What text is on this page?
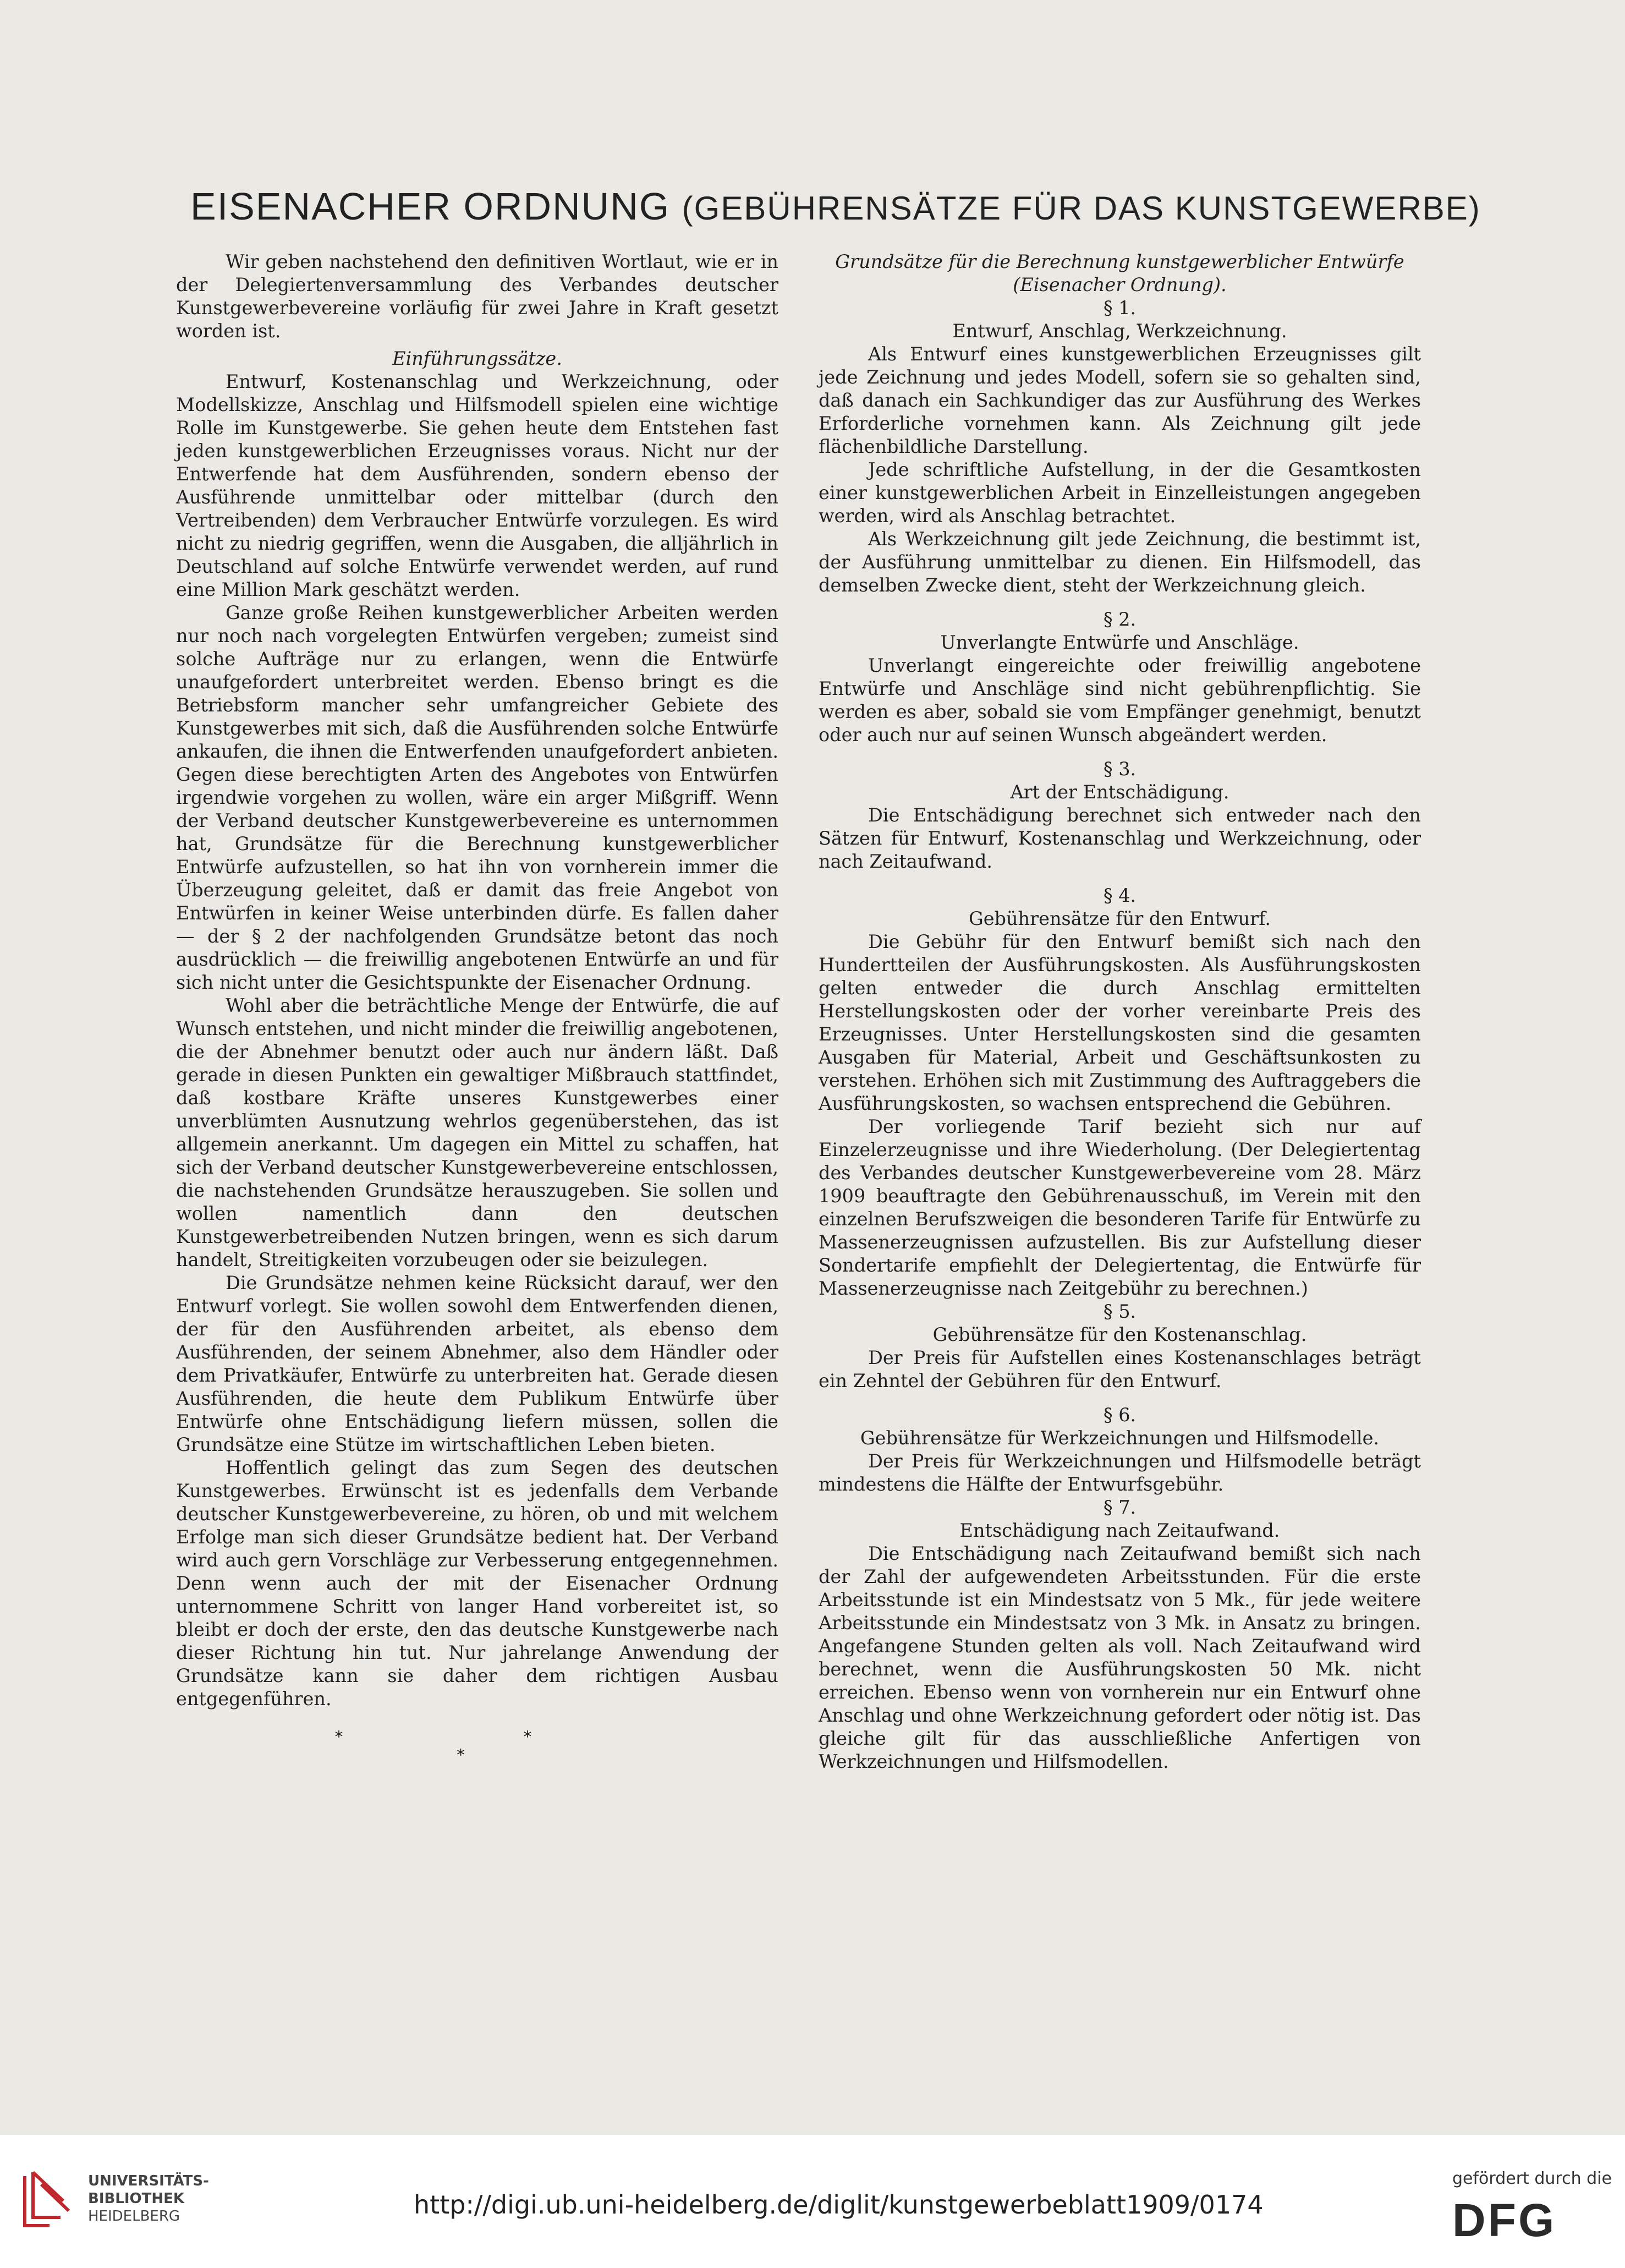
EISENACHER ORDNUNG (GEBÜHRENSÄTZE FÜR DAS KUNSTGEWERBE)

Wir geben nachstehend den definitiven Wortlaut, wie er in der Delegiertenversammlung des Verbandes deutscher Kunstgewerbevereine vorläufig für zwei Jahre in Kraft gesetzt worden ist.

Einführungssätze.

Entwurf, Kostenanschlag und Werkzeichnung, oder Modellskizze, Anschlag und Hilfsmodell spielen eine wichtige Rolle im Kunstgewerbe. Sie gehen heute dem Entstehen fast jeden kunstgewerblichen Erzeugnisses voraus. Nicht nur der Entwerfende hat dem Ausführenden, sondern ebenso der Ausführende unmittelbar oder mittelbar (durch den Vertreibenden) dem Verbraucher Entwürfe vorzulegen. Es wird nicht zu niedrig gegriffen, wenn die Ausgaben, die alljährlich in Deutschland auf solche Entwürfe verwendet werden, auf rund eine Million Mark geschätzt werden.

Ganze große Reihen kunstgewerblicher Arbeiten werden nur noch nach vorgelegten Entwürfen vergeben; zumeist sind solche Aufträge nur zu erlangen, wenn die Entwürfe unaufgefordert unterbreitet werden. Ebenso bringt es die Betriebsform mancher sehr umfangreicher Gebiete des Kunstgewerbes mit sich, daß die Ausführenden solche Entwürfe ankaufen, die ihnen die Entwerfenden unaufgefordert anbieten. Gegen diese berechtigten Arten des Angebotes von Entwürfen irgendwie vorgehen zu wollen, wäre ein arger Mißgriff. Wenn der Verband deutscher Kunstgewerbevereine es unternommen hat, Grundsätze für die Berechnung kunstgewerblicher Entwürfe aufzustellen, so hat ihn von vornherein immer die Überzeugung geleitet, daß er damit das freie Angebot von Entwürfen in keiner Weise unterbinden dürfe. Es fallen daher — der § 2 der nachfolgenden Grundsätze betont das noch ausdrücklich — die freiwillig angebotenen Entwürfe an und für sich nicht unter die Gesichtspunkte der Eisenacher Ordnung.

Wohl aber die beträchtliche Menge der Entwürfe, die auf Wunsch entstehen, und nicht minder die freiwillig angebotenen, die der Abnehmer benutzt oder auch nur ändern läßt. Daß gerade in diesen Punkten ein gewaltiger Mißbrauch stattfindet, daß kostbare Kräfte unseres Kunstgewerbes einer unverblümten Ausnutzung wehrlos gegenüberstehen, das ist allgemein anerkannt. Um dagegen ein Mittel zu schaffen, hat sich der Verband deutscher Kunstgewerbevereine entschlossen, die nachstehenden Grundsätze herauszugeben. Sie sollen und wollen namentlich dann den deutschen Kunstgewerbetreibenden Nutzen bringen, wenn es sich darum handelt, Streitigkeiten vorzubeugen oder sie beizulegen.

Die Grundsätze nehmen keine Rücksicht darauf, wer den Entwurf vorlegt. Sie wollen sowohl dem Entwerfenden dienen, der für den Ausführenden arbeitet, als ebenso dem Ausführenden, der seinem Abnehmer, also dem Händler oder dem Privatkäufer, Entwürfe zu unterbreiten hat. Gerade diesen Ausführenden, die heute dem Publikum Entwürfe über Entwürfe ohne Entschädigung liefern müssen, sollen die Grundsätze eine Stütze im wirtschaftlichen Leben bieten.

Hoffentlich gelingt das zum Segen des deutschen Kunstgewerbes. Erwünscht ist es jedenfalls dem Verbande deutscher Kunstgewerbevereine, zu hören, ob und mit welchem Erfolge man sich dieser Grundsätze bedient hat. Der Verband wird auch gern Vorschläge zur Verbesserung entgegennehmen. Denn wenn auch der mit der Eisenacher Ordnung unternommene Schritt von langer Hand vorbereitet ist, so bleibt er doch der erste, den das deutsche Kunstgewerbe nach dieser Richtung hin tut. Nur jahrelange Anwendung der Grundsätze kann sie daher dem richtigen Ausbau entgegenführen.

* *
*

Grundsätze für die Berechnung kunstgewerblicher Entwürfe

(Eisenacher Ordnung).

§ 1.

Entwurf, Anschlag, Werkzeichnung.

Als Entwurf eines kunstgewerblichen Erzeugnisses gilt jede Zeichnung und jedes Modell, sofern sie so gehalten sind, daß danach ein Sachkundiger das zur Ausführung des Werkes Erforderliche vornehmen kann. Als Zeichnung gilt jede flächenbildliche Darstellung.

Jede schriftliche Aufstellung, in der die Gesamtkosten einer kunstgewerblichen Arbeit in Einzelleistungen angegeben werden, wird als Anschlag betrachtet.

Als Werkzeichnung gilt jede Zeichnung, die bestimmt ist, der Ausführung unmittelbar zu dienen. Ein Hilfsmodell, das demselben Zwecke dient, steht der Werkzeichnung gleich.

§ 2.

Unverlangte Entwürfe und Anschläge.

Unverlangt eingereichte oder freiwillig angebotene Entwürfe und Anschläge sind nicht gebührenpflichtig. Sie werden es aber, sobald sie vom Empfänger genehmigt, benutzt oder auch nur auf seinen Wunsch abgeändert werden.

§ 3.

Art der Entschädigung.

Die Entschädigung berechnet sich entweder nach den Sätzen für Entwurf, Kostenanschlag und Werkzeichnung, oder nach Zeitaufwand.

§ 4.

Gebührensätze für den Entwurf.

Die Gebühr für den Entwurf bemißt sich nach den Hundertteilen der Ausführungskosten. Als Ausführungskosten gelten entweder die durch Anschlag ermittelten Herstellungskosten oder der vorher vereinbarte Preis des Erzeugnisses. Unter Herstellungskosten sind die gesamten Ausgaben für Material, Arbeit und Geschäftsunkosten zu verstehen. Erhöhen sich mit Zustimmung des Auftraggebers die Ausführungskosten, so wachsen entsprechend die Gebühren.

Der vorliegende Tarif bezieht sich nur auf Einzelerzeugnisse und ihre Wiederholung. (Der Delegiertentag des Verbandes deutscher Kunstgewerbevereine vom 28. März 1909 beauftragte den Gebührenausschuß, im Verein mit den einzelnen Berufszweigen die besonderen Tarife für Entwürfe zu Massenerzeugnissen aufzustellen. Bis zur Aufstellung dieser Sondertarife empfiehlt der Delegiertentag, die Entwürfe für Massenerzeugnisse nach Zeitgebühr zu berechnen.)

§ 5.

Gebührensätze für den Kostenanschlag.

Der Preis für Aufstellen eines Kostenanschlages beträgt ein Zehntel der Gebühren für den Entwurf.

§ 6.

Gebührensätze für Werkzeichnungen und Hilfsmodelle.

Der Preis für Werkzeichnungen und Hilfsmodelle beträgt mindestens die Hälfte der Entwurfsgebühr.

§ 7.

Entschädigung nach Zeitaufwand.

Die Entschädigung nach Zeitaufwand bemißt sich nach der Zahl der aufgewendeten Arbeitsstunden. Für die erste Arbeitsstunde ist ein Mindestsatz von 5 Mk., für jede weitere Arbeitsstunde ein Mindestsatz von 3 Mk. in Ansatz zu bringen. Angefangene Stunden gelten als voll. Nach Zeitaufwand wird berechnet, wenn die Ausführungskosten 50 Mk. nicht erreichen. Ebenso wenn von vornherein nur ein Entwurf ohne Anschlag und ohne Werkzeichnung gefordert oder nötig ist. Das gleiche gilt für das ausschließliche Anfertigen von Werkzeichnungen und Hilfsmodellen.

UNIVERSITÄTS-
BIBLIOTHEK
HEIDELBERG	http://digi.ub.uni-heidelberg.de/diglit/kunstgewerbeblatt1909/0174
gefördert durch die
DFG
